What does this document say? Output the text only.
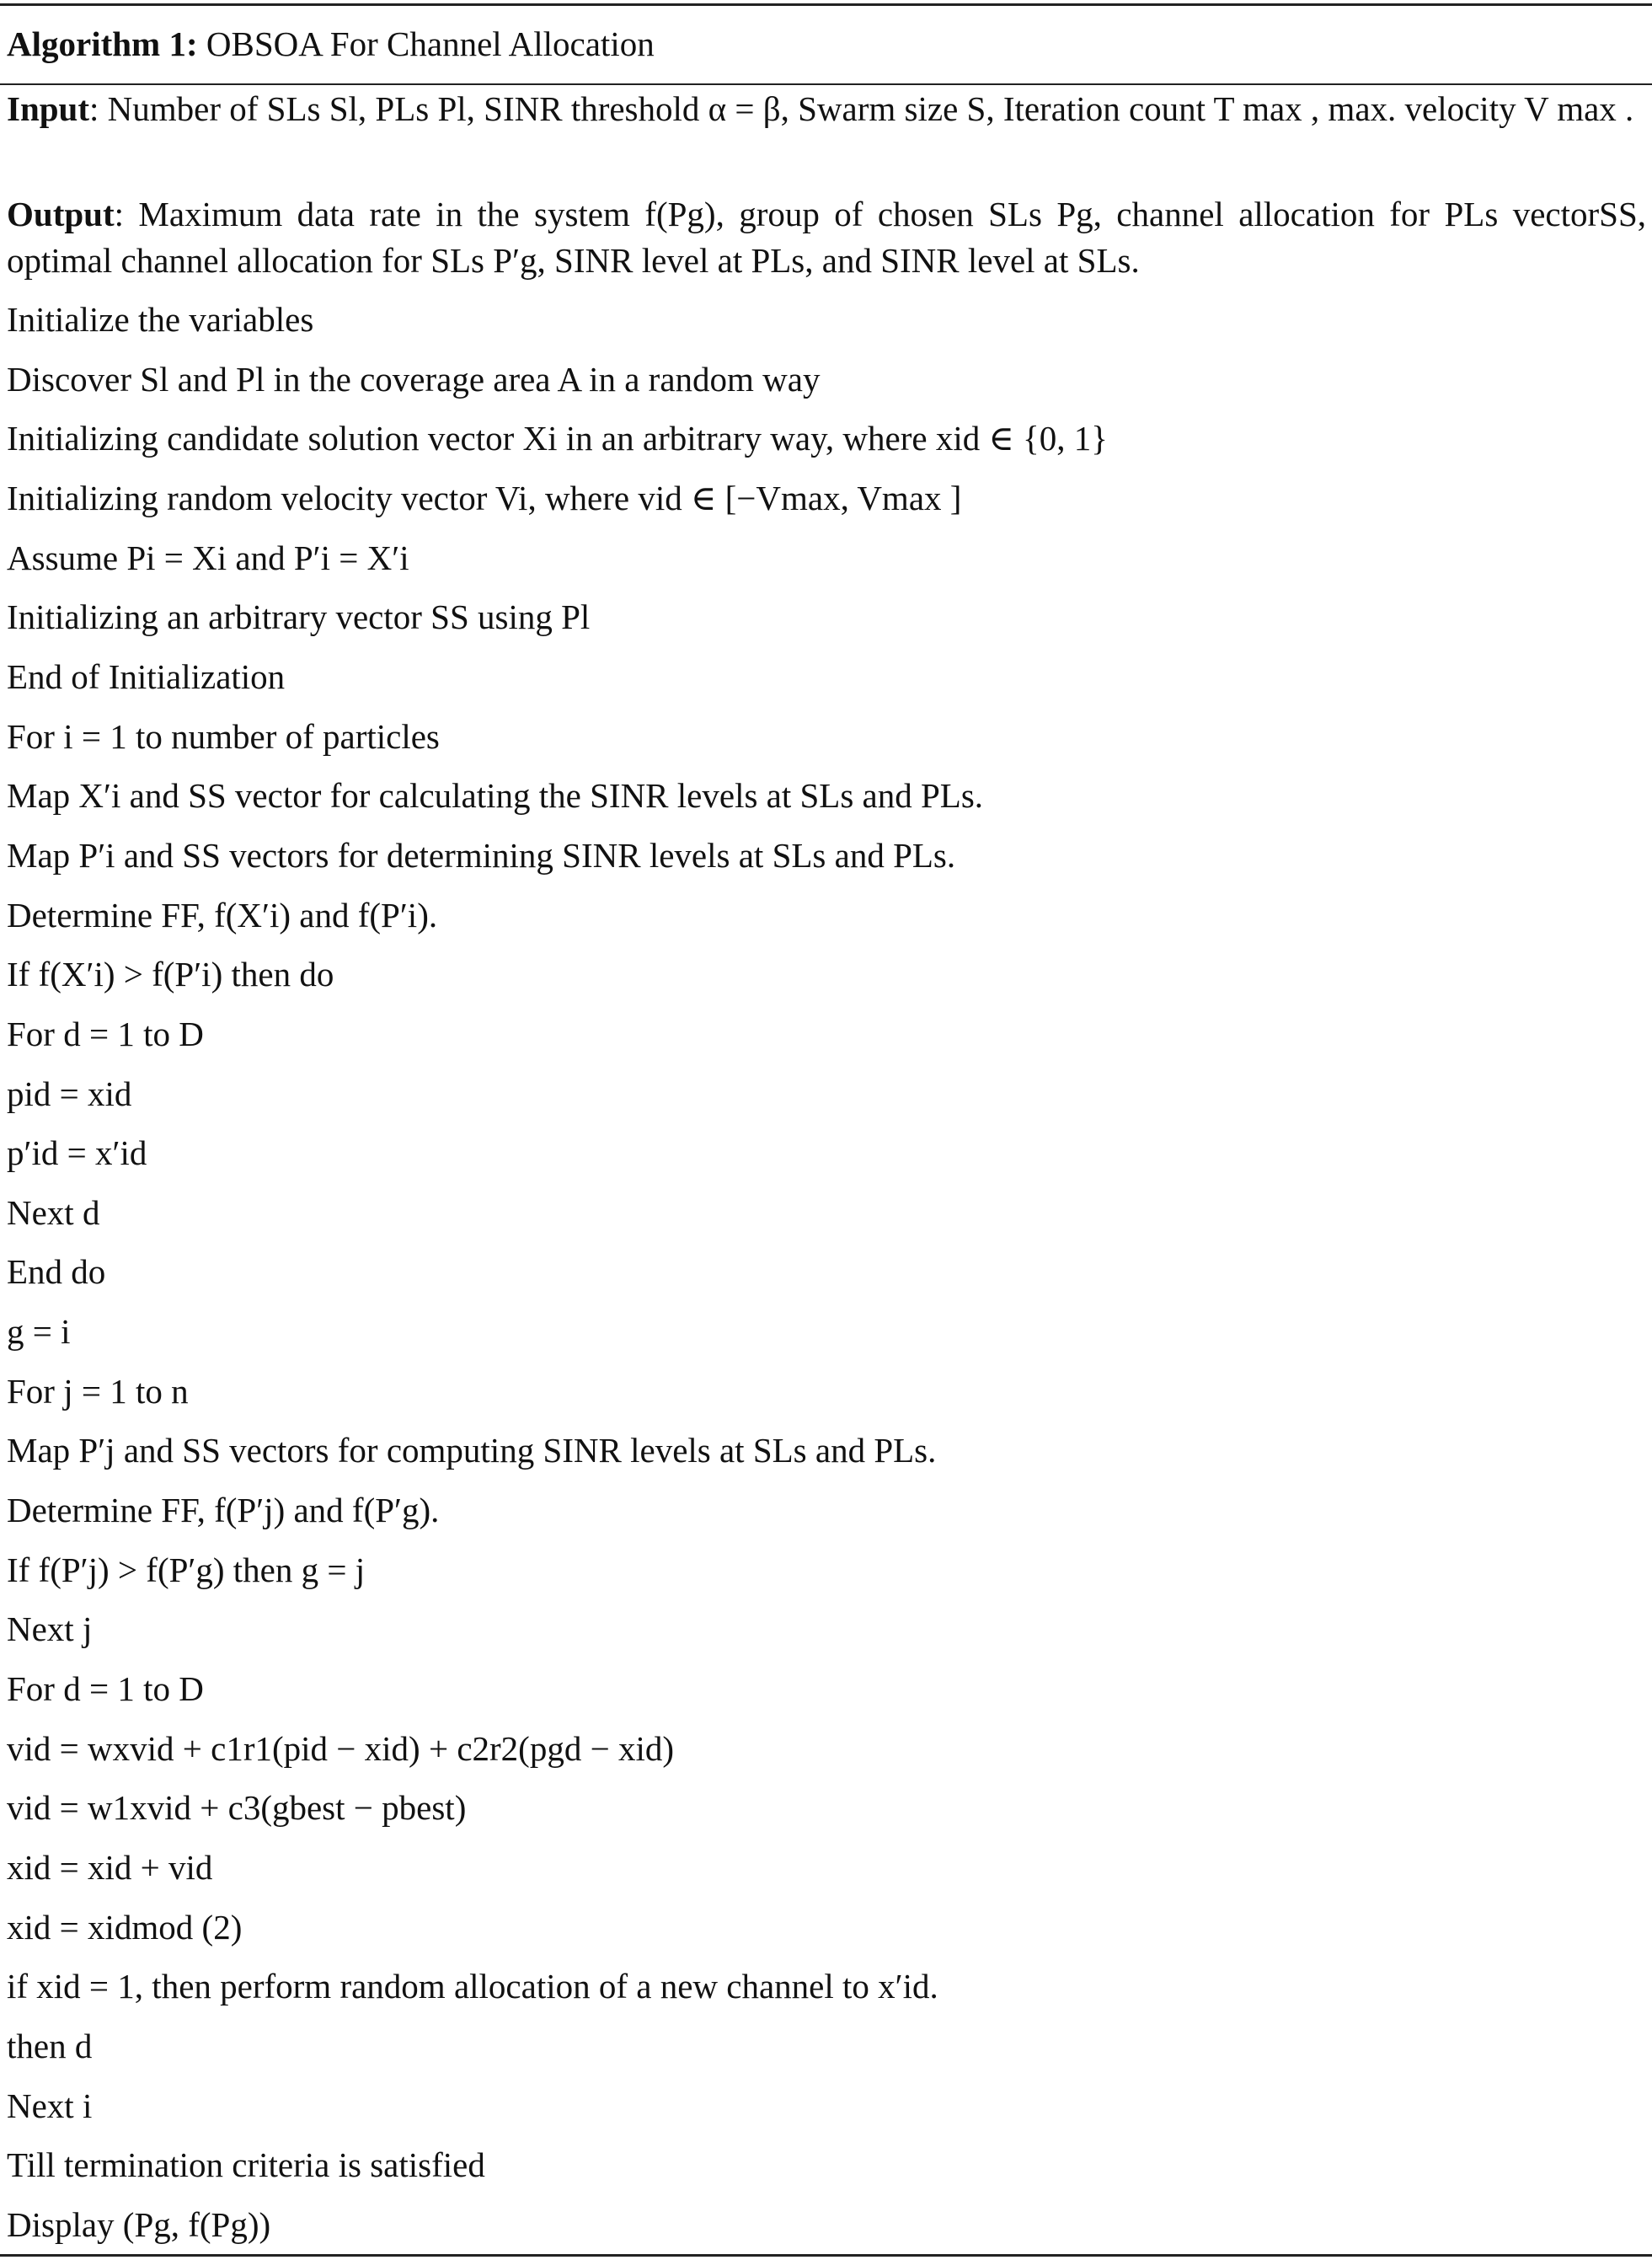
Algorithm 1: OBSOA For Channel Allocation
Input: Number of SLs Sl, PLs Pl, SINR threshold α = β, Swarm size S, Iteration count T max , max. velocity V max .
Output: Maximum data rate in the system f(Pg), group of chosen SLs Pg, channel allocation for PLs vectorSS, optimal channel allocation for SLs P′g, SINR level at PLs, and SINR level at SLs.
Initialize the variables
Discover Sl and Pl in the coverage area A in a random way
Initializing candidate solution vector Xi in an arbitrary way, where xid ∈ {0, 1}
Initializing random velocity vector Vi, where vid ∈ [−Vmax, Vmax ]
Assume Pi = Xi and P′i = X′i
Initializing an arbitrary vector SS using Pl
End of Initialization
For i = 1 to number of particles
Map X′i and SS vector for calculating the SINR levels at SLs and PLs.
Map P′i and SS vectors for determining SINR levels at SLs and PLs.
Determine FF, f(X′i) and f(P′i).
If f(X′i) > f(P′i) then do
For d = 1 to D
pid = xid
p′id = x′id
Next d
End do
g = i
For j = 1 to n
Map P′j and SS vectors for computing SINR levels at SLs and PLs.
Determine FF, f(P′j) and f(P′g).
If f(P′j) > f(P′g) then g = j
Next j
For d = 1 to D
vid = wxvid + c1r1(pid − xid) + c2r2(pgd − xid)
vid = w1xvid + c3(gbest − pbest)
xid = xid + vid
xid = xidmod (2)
if xid = 1, then perform random allocation of a new channel to x′id.
then d
Next i
Till termination criteria is satisfied
Display (Pg, f(Pg))
